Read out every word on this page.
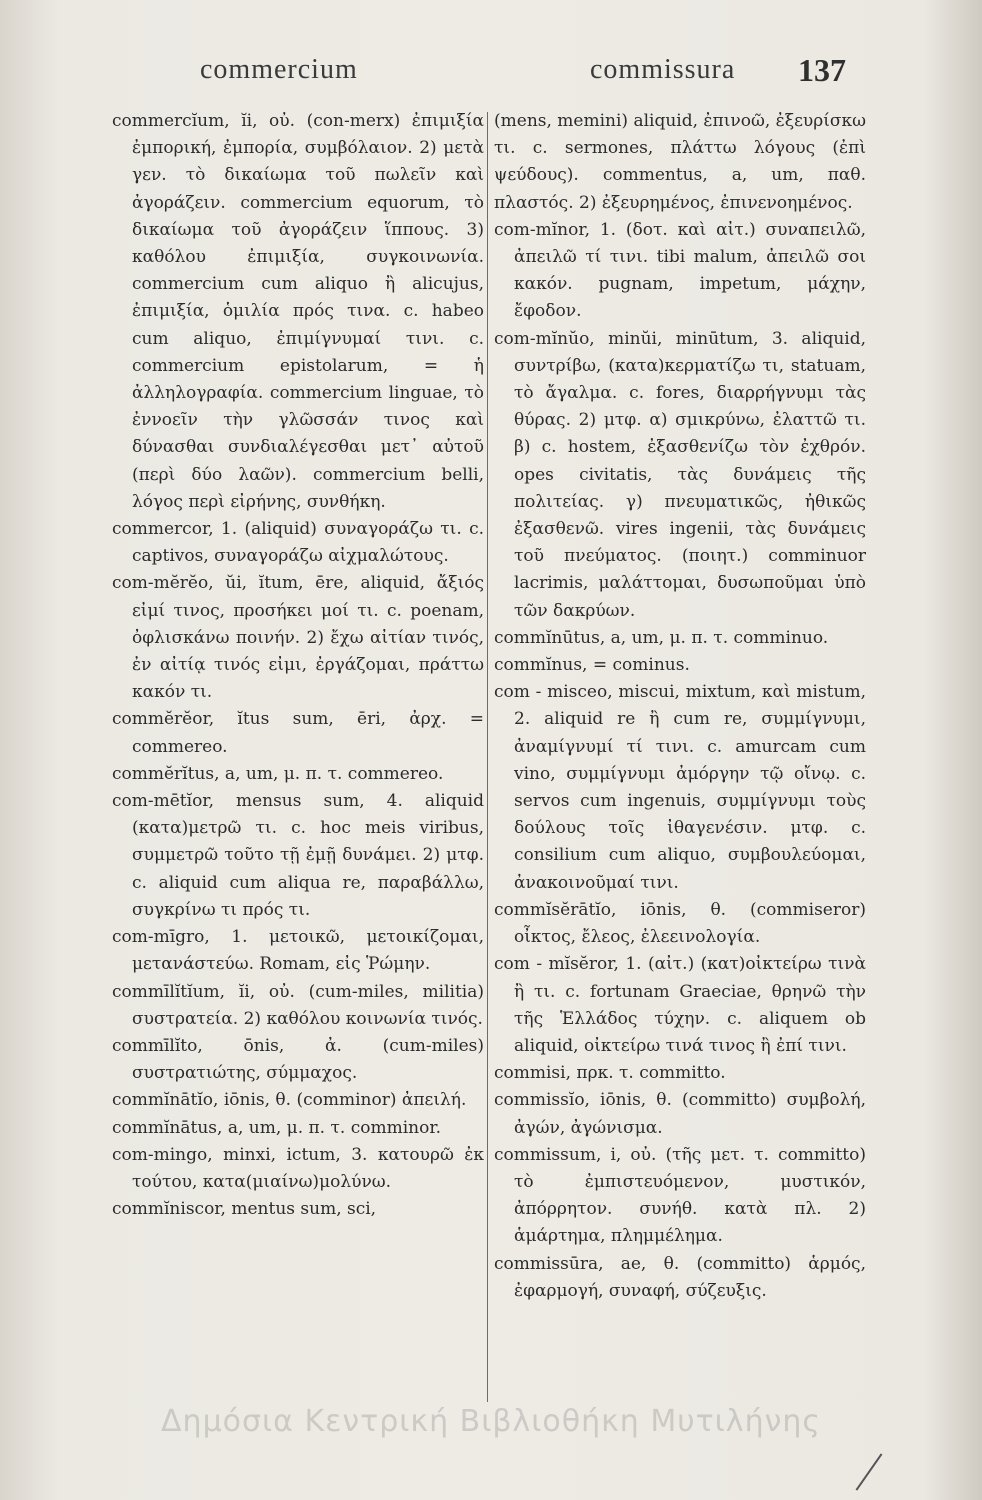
commercium	commissura 137

commercĭum, ĭi, οὐ. (con-merx) ἐπιμιξία ἐμπορική, ἐμπορία, συμβόλαιον. 2) μετὰ γεν. τὸ δικαίωμα τοῦ πωλεῖν καὶ ἀγοράζειν. commercium equorum, τὸ δικαίωμα τοῦ ἀγοράζειν ἵππους. 3) καθόλου ἐπιμιξία, συγκοινωνία. commercium cum aliquo ἢ alicujus, ἐπιμιξία, ὁμιλία πρός τινα. c. habeo cum aliquo, ἐπιμίγνυμαί τινι. c. commercium epistolarum, = ἡ ἀλληλογραφία. commercium linguae, τὸ ἐννοεῖν τὴν γλῶσσάν τινος καὶ δύνασθαι συνδιαλέγεσθαι μετ᾽ αὐτοῦ (περὶ δύο λαῶν). commercium belli, λόγος περὶ εἰρήνης, συνθήκη.

commercor, 1. (aliquid) συναγοράζω τι. c. captivos, συναγοράζω αἰχμαλώτους.

com-mĕrĕo, ŭi, ĭtum, ēre, aliquid, ἄξιός εἰμί τινος, προσήκει μοί τι. c. poenam, ὀφλισκάνω ποινήν. 2) ἔχω αἰτίαν τινός, ἐν αἰτίᾳ τινός εἰμι, ἐργάζομαι, πράττω κακόν τι.

commĕrĕor, ĭtus sum, ēri, ἀρχ. = commereo.

commĕrĭtus, a, um, μ. π. τ. commereo.

com-mētĭor, mensus sum, 4. aliquid (κατα)μετρῶ τι. c. hoc meis viribus, συμμετρῶ τοῦτο τῇ ἐμῇ δυνάμει. 2) μτφ. c. aliquid cum aliqua re, παραβάλλω, συγκρίνω τι πρός τι.

com-mīgro, 1. μετοικῶ, μετοικίζομαι, μετανάστεύω. Romam, εἰς Ῥώμην.

commīlĭtĭum, ĭi, οὐ. (cum-miles, militia) συστρατεία. 2) καθόλου κοινωνία τινός.

commīlĭto, ōnis, ἀ. (cum-miles) συστρατιώτης, σύμμαχος.

commĭnātĭo, iōnis, θ. (comminor) ἀπειλή.

commĭnātus, a, um, μ. π. τ. comminor.

com-mingo, minxi, ictum, 3. κατουρῶ ἐκ τούτου, κατα(μιαίνω)μολύνω.

commĭniscor, mentus sum, sci,

(mens, memini) aliquid, ἐπινοῶ, ἐξευρίσκω τι. c. sermones, πλάττω λόγους (ἐπὶ ψεύδους). commentus, a, um, παθ. πλαστός. 2) ἐξευρημένος, ἐπινενοημένος.

com-mĭnor, 1. (δοτ. καὶ αἰτ.) συναπειλῶ, ἀπειλῶ τί τινι. tibi malum, ἀπειλῶ σοι κακόν. pugnam, impetum, μάχην, ἔφοδον.

com-mĭnŭo, minŭi, minūtum, 3. aliquid, συντρίβω, (κατα)κερματίζω τι, statuam, τὸ ἄγαλμα. c. fores, διαρρήγνυμι τὰς θύρας. 2) μτφ. α) σμικρύνω, ἐλαττῶ τι. β) c. hostem, ἐξασθενίζω τὸν ἐχθρόν. opes civitatis, τὰς δυνάμεις τῆς πολιτείας. γ) πνευματικῶς, ἠθικῶς ἐξασθενῶ. vires ingenii, τὰς δυνάμεις τοῦ πνεύματος. (ποιητ.) comminuor lacrimis, μαλάττομαι, δυσωποῦμαι ὑπὸ τῶν δακρύων.

commĭnūtus, a, um, μ. π. τ. comminuo.

commĭnus, = cominus.

com - misceo, miscui, mixtum, καὶ mistum, 2. aliquid re ἢ cum re, συμμίγνυμι, ἀναμίγνυμί τί τινι. c. amurcam cum vino, συμμίγνυμι ἀμόργην τῷ οἴνῳ. c. servos cum ingenuis, συμμίγνυμι τοὺς δούλους τοῖς ἰθαγενέσιν. μτφ. c. consilium cum aliquo, συμβουλεύομαι, ἀνακοινοῦμαί τινι.

commĭsĕrātĭo, iōnis, θ. (commiseror) οἶκτος, ἔλεος, ἐλεεινολογία.

com - mĭsĕror, 1. (αἰτ.) (κατ)οἰκτείρω τινὰ ἢ τι. c. fortunam Graeciae, θρηνῶ τὴν τῆς Ἑλλάδος τύχην. c. aliquem ob aliquid, οἰκτείρω τινά τινος ἢ ἐπί τινι.

commisi, πρκ. τ. committo.

commissĭo, iōnis, θ. (committo) συμβολή, ἀγών, ἀγώνισμα.

commissum, i, οὐ. (τῆς μετ. τ. committo) τὸ ἐμπιστευόμενον, μυστικόν, ἀπόρρητον. συνήθ. κατὰ πλ. 2) ἁμάρτημα, πλημμέλημα.

commissūra, ae, θ. (committo) ἁρμός, ἐφαρμογή, συναφή, σύζευξις.

Δημόσια Κεντρική Βιβλιοθήκη Μυτιλήνης
